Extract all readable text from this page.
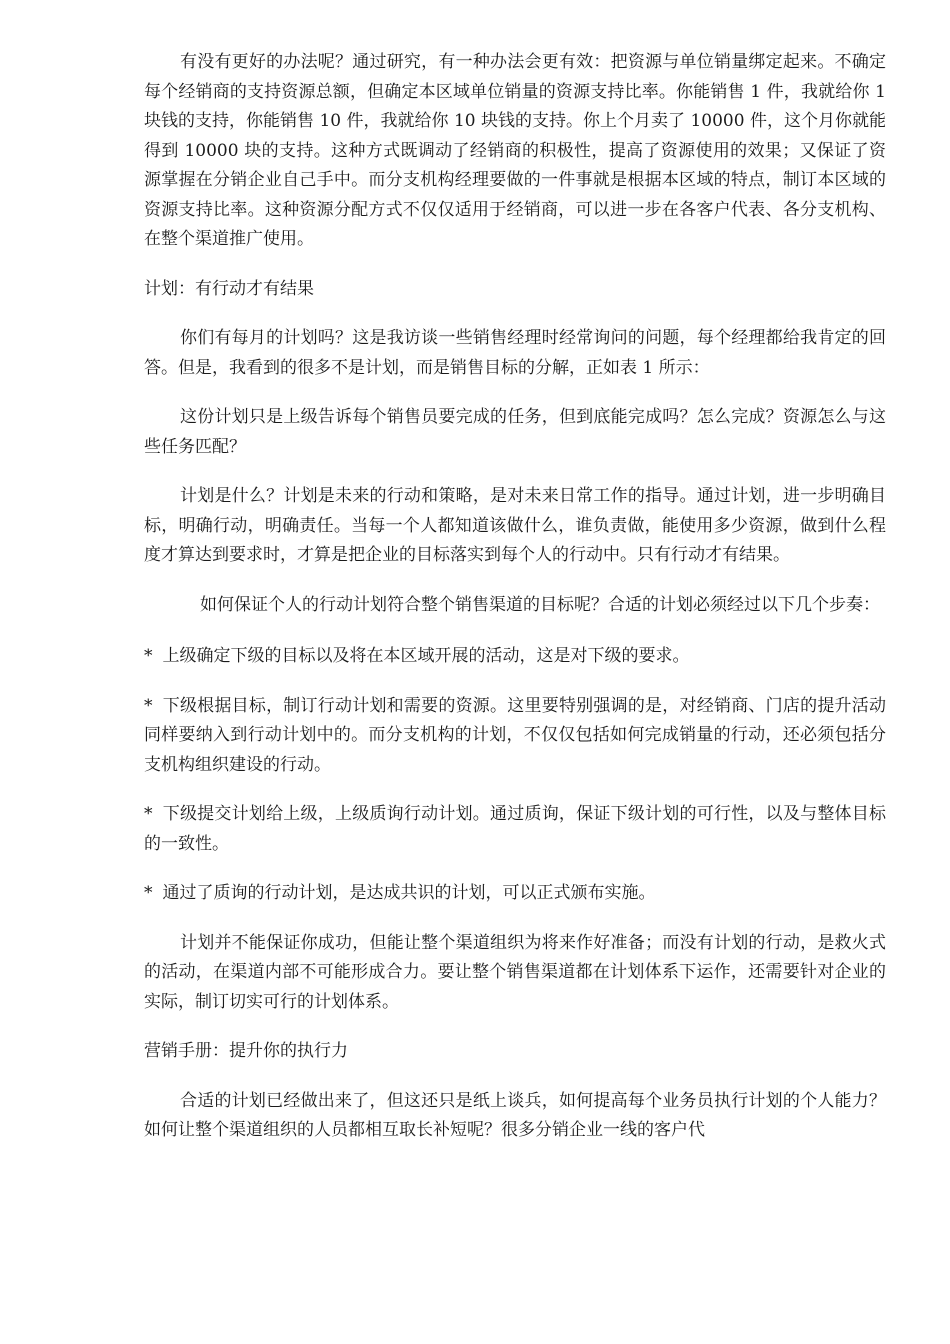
有没有更好的办法呢？通过研究，有一种办法会更有效：把资源与单位销量绑定起来。不确定每个经销商的支持资源总额，但确定本区域单位销量的资源支持比率。你能销售 1 件，我就给你 1 块钱的支持，你能销售 10 件，我就给你 10 块钱的支持。你上个月卖了 10000 件，这个月你就能得到 10000 块的支持。这种方式既调动了经销商的积极性，提高了资源使用的效果；又保证了资源掌握在分销企业自己手中。而分支机构经理要做的一件事就是根据本区域的特点，制订本区域的资源支持比率。这种资源分配方式不仅仅适用于经销商，可以进一步在各客户代表、各分支机构、在整个渠道推广使用。

计划：有行动才有结果

你们有每月的计划吗？这是我访谈一些销售经理时经常询问的问题，每个经理都给我肯定的回答。但是，我看到的很多不是计划，而是销售目标的分解，正如表 1 所示：

这份计划只是上级告诉每个销售员要完成的任务，但到底能完成吗？怎么完成？资源怎么与这些任务匹配？

计划是什么？计划是未来的行动和策略，是对未来日常工作的指导。通过计划，进一步明确目标，明确行动，明确责任。当每一个人都知道该做什么，谁负责做，能使用多少资源，做到什么程度才算达到要求时，才算是把企业的目标落实到每个人的行动中。只有行动才有结果。

如何保证个人的行动计划符合整个销售渠道的目标呢？合适的计划必须经过以下几个步奏：

* 上级确定下级的目标以及将在本区域开展的活动，这是对下级的要求。

* 下级根据目标，制订行动计划和需要的资源。这里要特别强调的是，对经销商、门店的提升活动同样要纳入到行动计划中的。而分支机构的计划，不仅仅包括如何完成销量的行动，还必须包括分支机构组织建设的行动。

* 下级提交计划给上级，上级质询行动计划。通过质询，保证下级计划的可行性，以及与整体目标的一致性。

* 通过了质询的行动计划，是达成共识的计划，可以正式颁布实施。

计划并不能保证你成功，但能让整个渠道组织为将来作好准备；而没有计划的行动，是救火式的活动，在渠道内部不可能形成合力。要让整个销售渠道都在计划体系下运作，还需要针对企业的实际，制订切实可行的计划体系。

营销手册：提升你的执行力

合适的计划已经做出来了，但这还只是纸上谈兵，如何提高每个业务员执行计划的个人能力？如何让整个渠道组织的人员都相互取长补短呢？很多分销企业一线的客户代
